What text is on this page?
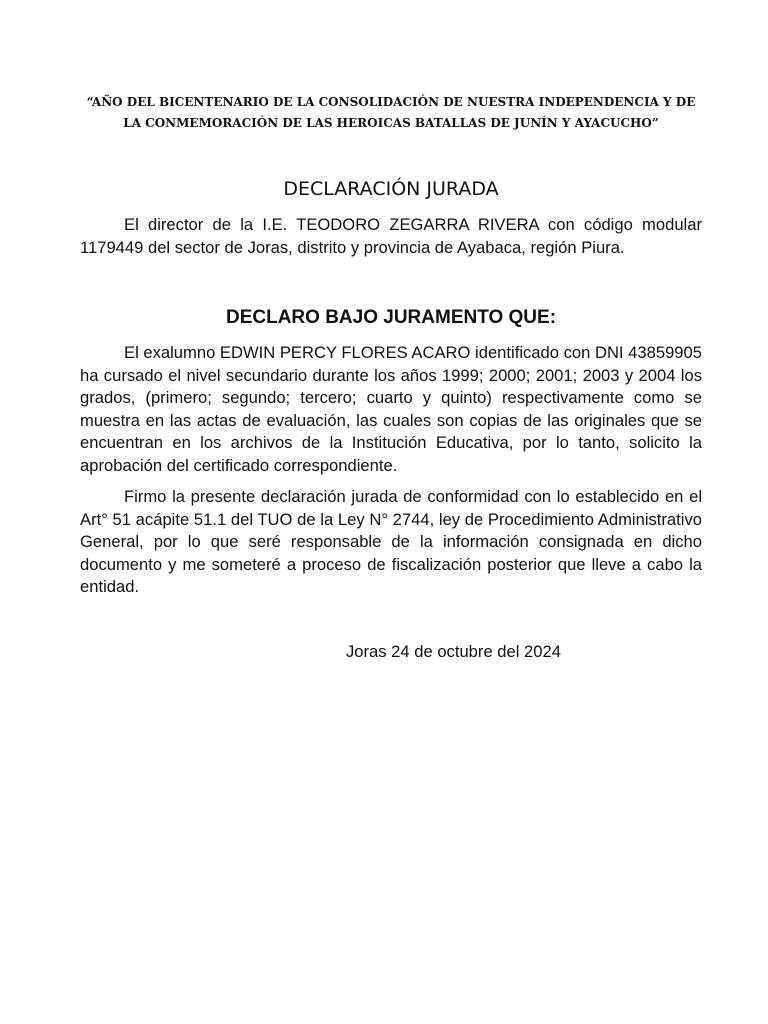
“AÑO DEL BICENTENARIO DE LA CONSOLIDACIÓN DE NUESTRA INDEPENDENCIA Y DE LA CONMEMORACIÓN DE LAS HEROICAS BATALLAS DE JUNÍN Y AYACUCHO”
DECLARACIÓN JURADA

El director de la I.E. TEODORO ZEGARRA RIVERA con código modular 1179449 del sector de Joras, distrito y provincia de Ayabaca, región Piura.

DECLARO BAJO JURAMENTO QUE:

El exalumno EDWIN PERCY FLORES ACARO identificado con DNI 43859905 ha cursado el nivel secundario durante los años 1999; 2000; 2001; 2003 y 2004 los grados, (primero; segundo; tercero; cuarto y quinto) respectivamente como se muestra en las actas de evaluación, las cuales son copias de las originales que se encuentran en los archivos de la Institución Educativa, por lo tanto, solicito la aprobación del certificado correspondiente.

Firmo la presente declaración jurada de conformidad con lo establecido en el Art° 51 acápite 51.1 del TUO de la Ley N° 2744, ley de Procedimiento Administrativo General, por lo que seré responsable de la información consignada en dicho documento y me someteré a proceso de fiscalización posterior que lleve a cabo la entidad.

Joras 24 de octubre del 2024
